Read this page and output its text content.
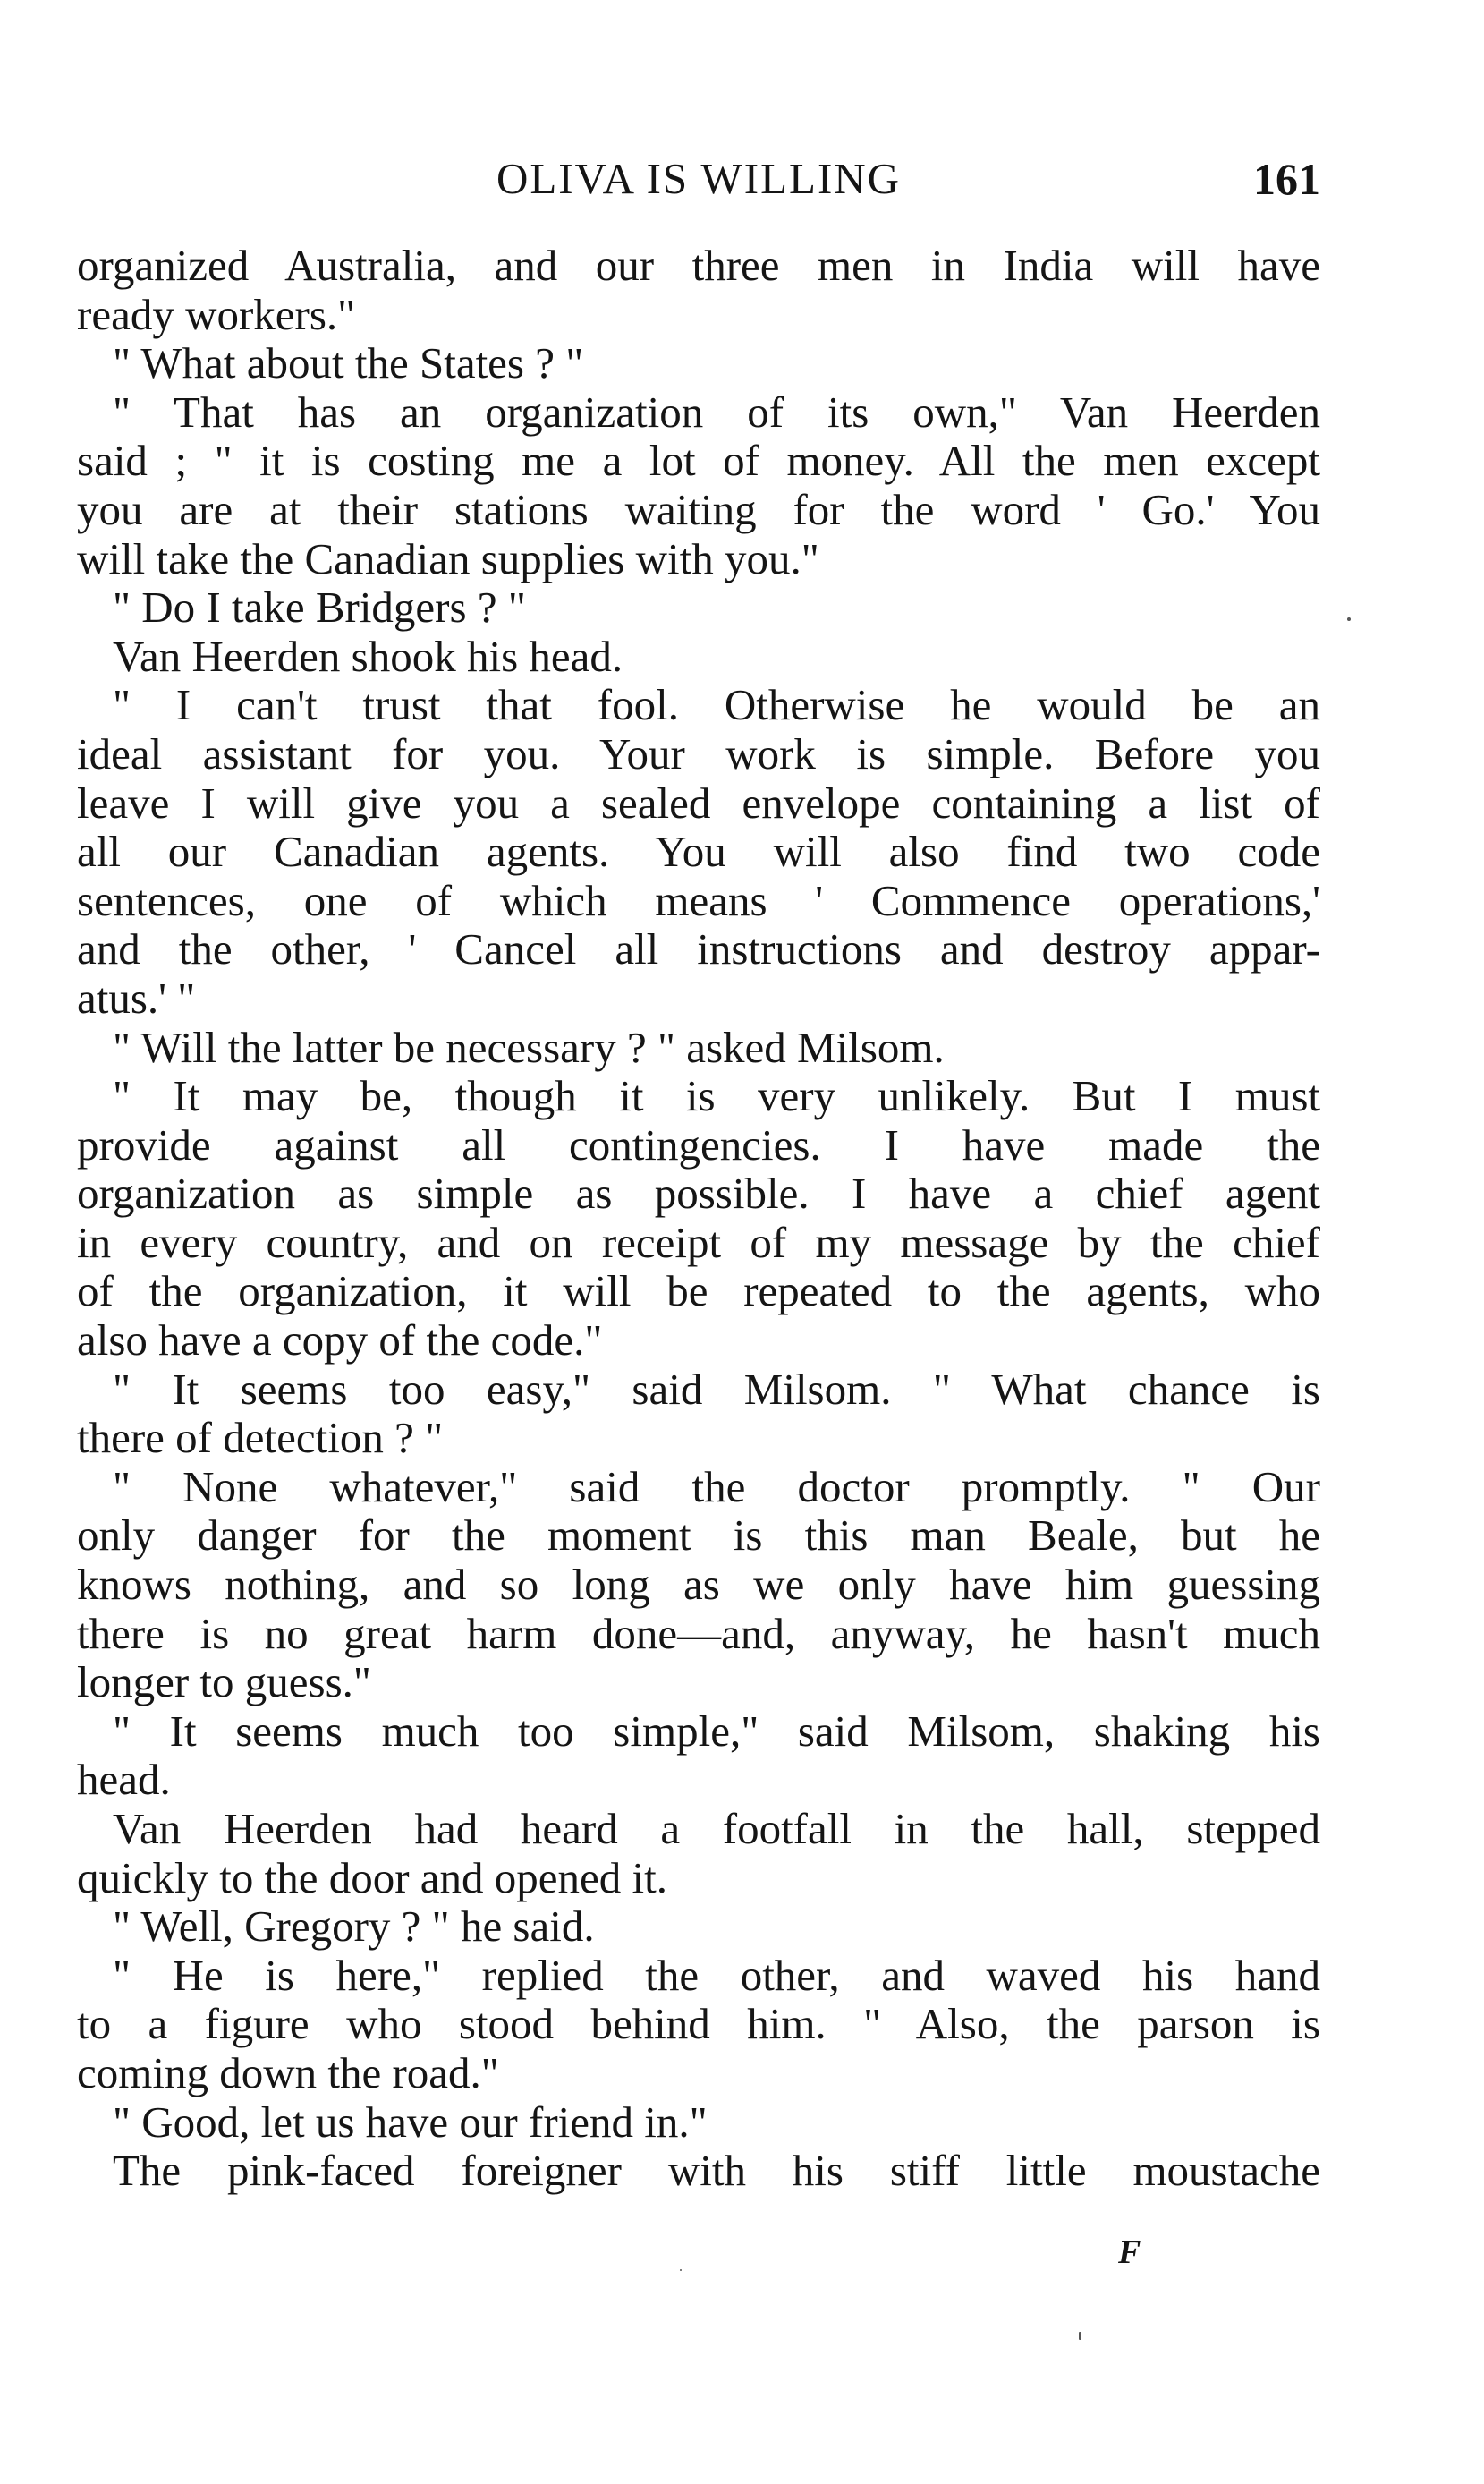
OLIVA IS WILLING	161
organized Australia, and our three men in India will have
ready workers."
" What about the States ? "
" That has an organization of its own," Van Heerden
said ; " it is costing me a lot of money. All the men except
you are at their stations waiting for the word ' Go.' You
will take the Canadian supplies with you."
" Do I take Bridgers ? "
Van Heerden shook his head.
" I can't trust that fool. Otherwise he would be an
ideal assistant for you. Your work is simple. Before you
leave I will give you a sealed envelope containing a list of
all our Canadian agents. You will also find two code
sentences, one of which means ' Commence operations,'
and the other, ' Cancel all instructions and destroy appar-
atus.' "
" Will the latter be necessary ? " asked Milsom.
" It may be, though it is very unlikely. But I must
provide against all contingencies. I have made the
organization as simple as possible. I have a chief agent
in every country, and on receipt of my message by the chief
of the organization, it will be repeated to the agents, who
also have a copy of the code."
" It seems too easy," said Milsom. " What chance is
there of detection ? "
" None whatever," said the doctor promptly. " Our
only danger for the moment is this man Beale, but he
knows nothing, and so long as we only have him guessing
there is no great harm done—and, anyway, he hasn't much
longer to guess."
" It seems much too simple," said Milsom, shaking his
head.
Van Heerden had heard a footfall in the hall, stepped
quickly to the door and opened it.
" Well, Gregory ? " he said.
" He is here," replied the other, and waved his hand
to a figure who stood behind him. " Also, the parson is
coming down the road."
" Good, let us have our friend in."
The pink-faced foreigner with his stiff little moustache
F
